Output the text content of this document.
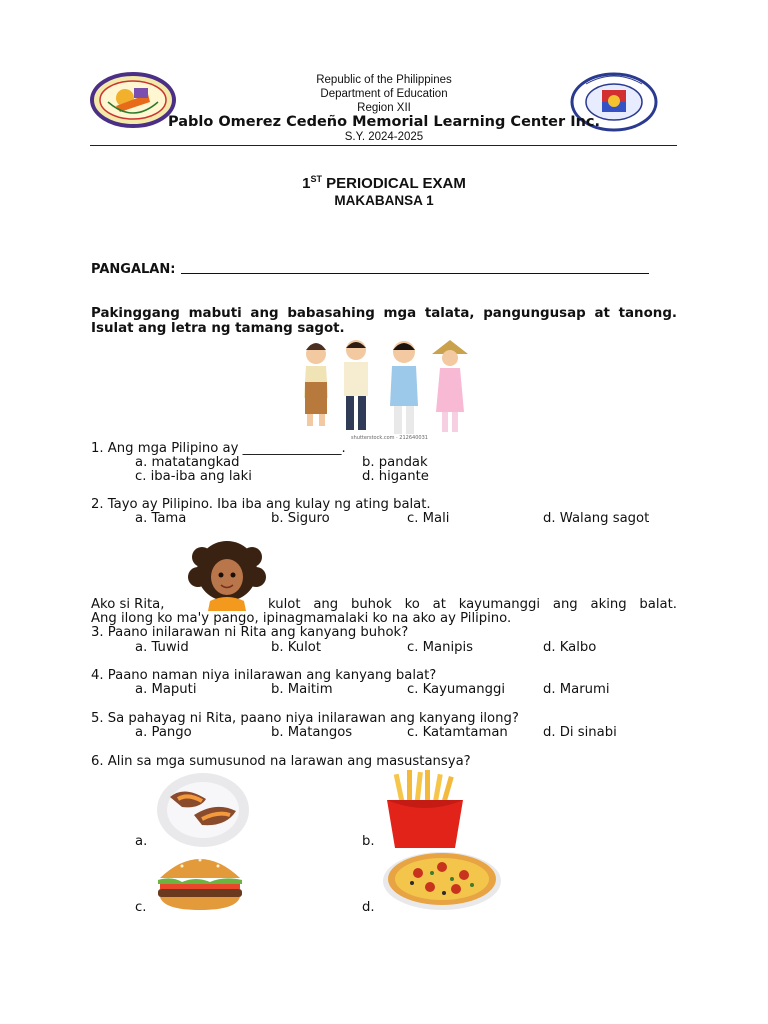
Republic of the Philippines
Department of Education
Region XII
Pablo Omerez Cedeño Memorial Learning Center Inc.
S.Y. 2024-2025
1ST PERIODICAL EXAM
MAKABANSA 1
PANGALAN:
Pakinggang mabuti ang babasahing mga talata, pangungusap at tanong. Isulat ang letra ng tamang sagot.
shutterstock.com · 212640031
1. Ang mga Pilipino ay _______________.
a. matatangkad	b. pandak
c. iba-iba ang laki	d. higante
2. Tayo ay Pilipino. Iba iba ang kulay ng ating balat.
a. Tama	b. Siguro	c. Mali	d. Walang sagot
Ako si Rita,	kulot ang buhok ko at kayumanggi ang aking balat.
Ang ilong ko ma'y pango, ipinagmamalaki ko na ako ay Pilipino.
3. Paano inilarawan ni Rita ang kanyang buhok?
a. Tuwid	b. Kulot	c. Manipis	d. Kalbo
4. Paano naman niya inilarawan ang kanyang balat?
a. Maputi	b. Maitim	c. Kayumanggi	d. Marumi
5. Sa pahayag ni Rita, paano niya inilarawan ang kanyang ilong?
a. Pango	b. Matangos	c. Katamtaman	d. Di sinabi
6. Alin sa mga sumusunod na larawan ang masustansya?
a.	b.
c.	d.
